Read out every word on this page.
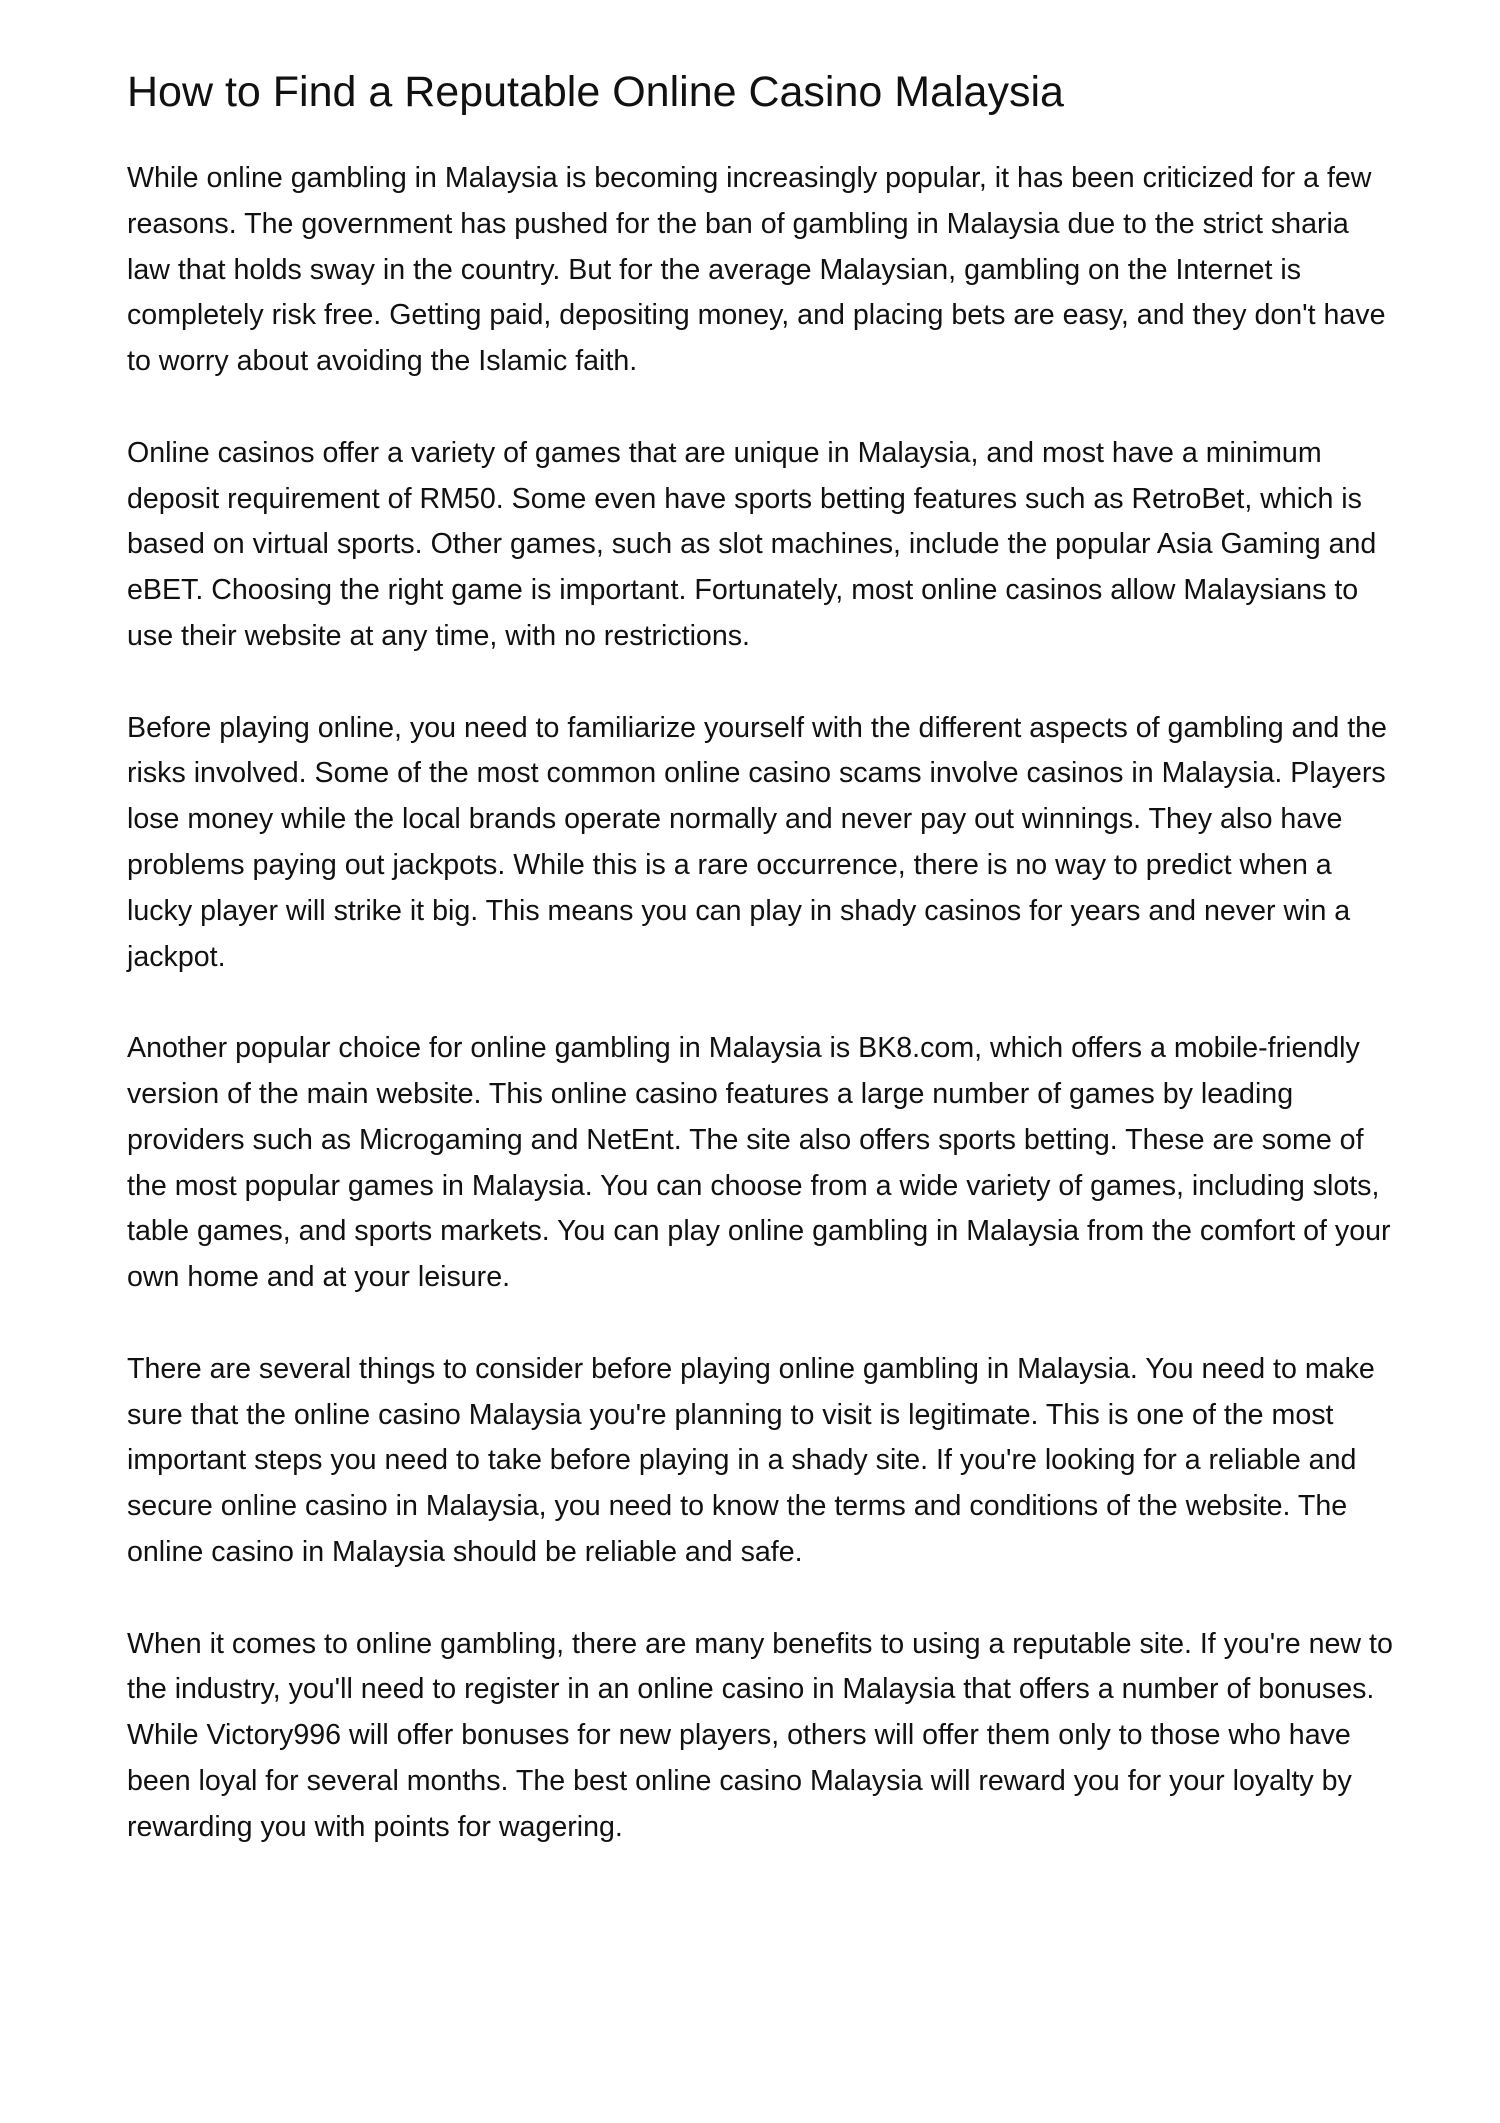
How to Find a Reputable Online Casino Malaysia

While online gambling in Malaysia is becoming increasingly popular, it has been criticized for a few reasons. The government has pushed for the ban of gambling in Malaysia due to the strict sharia law that holds sway in the country. But for the average Malaysian, gambling on the Internet is completely risk free. Getting paid, depositing money, and placing bets are easy, and they don't have to worry about avoiding the Islamic faith.

Online casinos offer a variety of games that are unique in Malaysia, and most have a minimum deposit requirement of RM50. Some even have sports betting features such as RetroBet, which is based on virtual sports. Other games, such as slot machines, include the popular Asia Gaming and eBET. Choosing the right game is important. Fortunately, most online casinos allow Malaysians to use their website at any time, with no restrictions.

Before playing online, you need to familiarize yourself with the different aspects of gambling and the risks involved. Some of the most common online casino scams involve casinos in Malaysia. Players lose money while the local brands operate normally and never pay out winnings. They also have problems paying out jackpots. While this is a rare occurrence, there is no way to predict when a lucky player will strike it big. This means you can play in shady casinos for years and never win a jackpot.

Another popular choice for online gambling in Malaysia is BK8.com, which offers a mobile-friendly version of the main website. This online casino features a large number of games by leading providers such as Microgaming and NetEnt. The site also offers sports betting. These are some of the most popular games in Malaysia. You can choose from a wide variety of games, including slots, table games, and sports markets. You can play online gambling in Malaysia from the comfort of your own home and at your leisure.

There are several things to consider before playing online gambling in Malaysia. You need to make sure that the online casino Malaysia you're planning to visit is legitimate. This is one of the most important steps you need to take before playing in a shady site. If you're looking for a reliable and secure online casino in Malaysia, you need to know the terms and conditions of the website. The online casino in Malaysia should be reliable and safe.

When it comes to online gambling, there are many benefits to using a reputable site. If you're new to the industry, you'll need to register in an online casino in Malaysia that offers a number of bonuses. While Victory996 will offer bonuses for new players, others will offer them only to those who have been loyal for several months. The best online casino Malaysia will reward you for your loyalty by rewarding you with points for wagering.
